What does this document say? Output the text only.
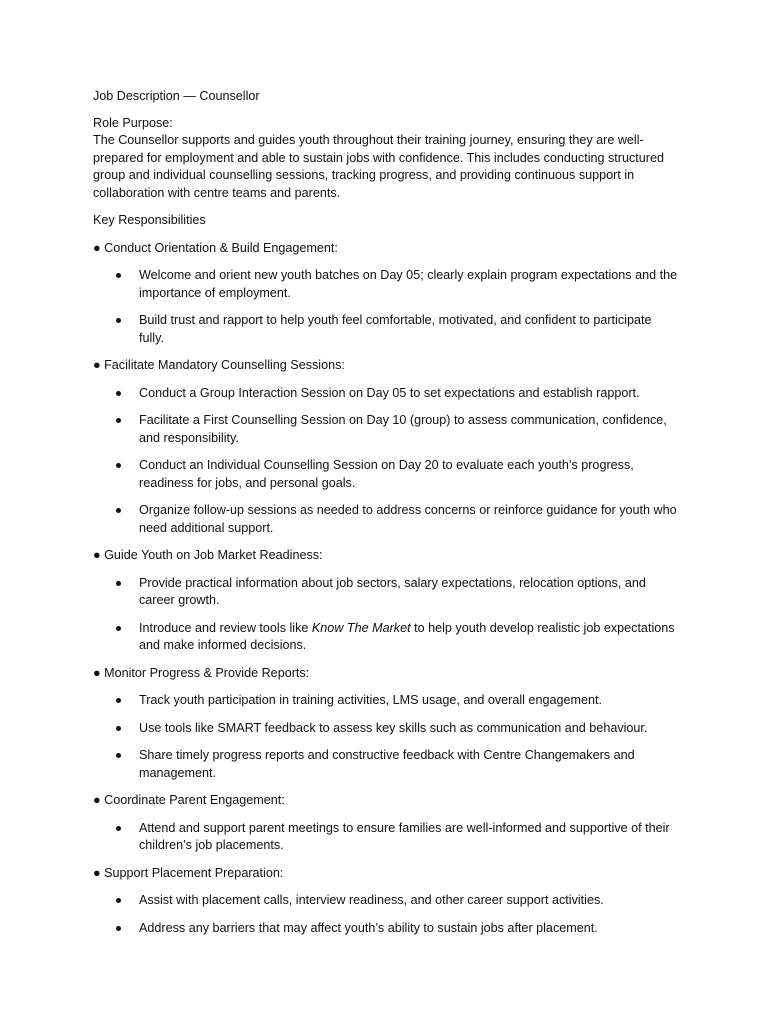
Job Description — Counsellor

Role Purpose:

The Counsellor supports and guides youth throughout their training journey, ensuring they are well-prepared for employment and able to sustain jobs with confidence. This includes conducting structured group and individual counselling sessions, tracking progress, and providing continuous support in collaboration with centre teams and parents.

Key Responsibilities

● Conduct Orientation & Build Engagement:

Welcome and orient new youth batches on Day 05; clearly explain program expectations and the importance of employment.
Build trust and rapport to help youth feel comfortable, motivated, and confident to participate fully.

● Facilitate Mandatory Counselling Sessions:

Conduct a Group Interaction Session on Day 05 to set expectations and establish rapport.
Facilitate a First Counselling Session on Day 10 (group) to assess communication, confidence, and responsibility.
Conduct an Individual Counselling Session on Day 20 to evaluate each youth’s progress, readiness for jobs, and personal goals.
Organize follow-up sessions as needed to address concerns or reinforce guidance for youth who need additional support.

● Guide Youth on Job Market Readiness:

Provide practical information about job sectors, salary expectations, relocation options, and career growth.
Introduce and review tools like Know The Market to help youth develop realistic job expectations and make informed decisions.

● Monitor Progress & Provide Reports:

Track youth participation in training activities, LMS usage, and overall engagement.
Use tools like SMART feedback to assess key skills such as communication and behaviour.
Share timely progress reports and constructive feedback with Centre Changemakers and management.

● Coordinate Parent Engagement:

Attend and support parent meetings to ensure families are well-informed and supportive of their children’s job placements.

● Support Placement Preparation:

Assist with placement calls, interview readiness, and other career support activities.
Address any barriers that may affect youth’s ability to sustain jobs after placement.
